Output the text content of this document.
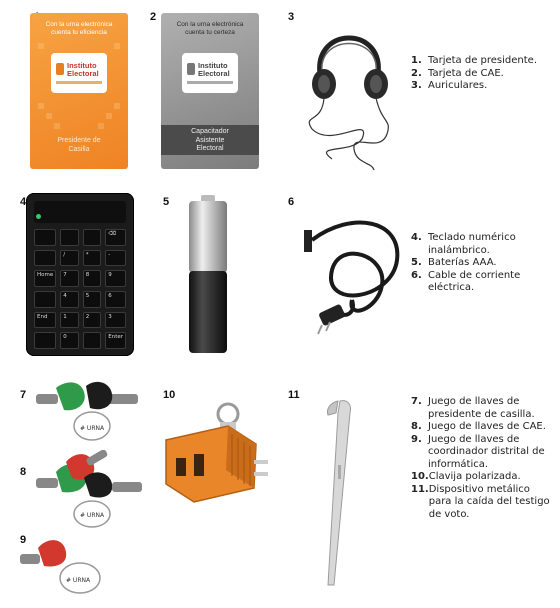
2	3
4	5	6
7
8
9
10	11
Con la urna electrónica cuenta tu eficiencia
Instituto
Electoral
Presidente de Casilla
Con la urna electrónica cuenta tu certeza
Instituto
Electoral
Capacitador Asistente Electoral
⌫
/	*	-
Home	7	8	9
4	5	6
End	1	2	3
0	Enter
# URNA
# URNA
# URNA
1. Tarjeta de presidente.
2. Tarjeta de CAE.
3. Auriculares.
4. Teclado numérico inalámbrico.
5. Baterías AAA.
6. Cable de corriente eléctrica.
7. Juego de llaves de presidente de casilla.
8. Juego de llaves de CAE.
9. Juego de llaves de coordinador distrital de informática.
10. Clavija polarizada.
11. Dispositivo metálico para la caída del testigo de voto.
